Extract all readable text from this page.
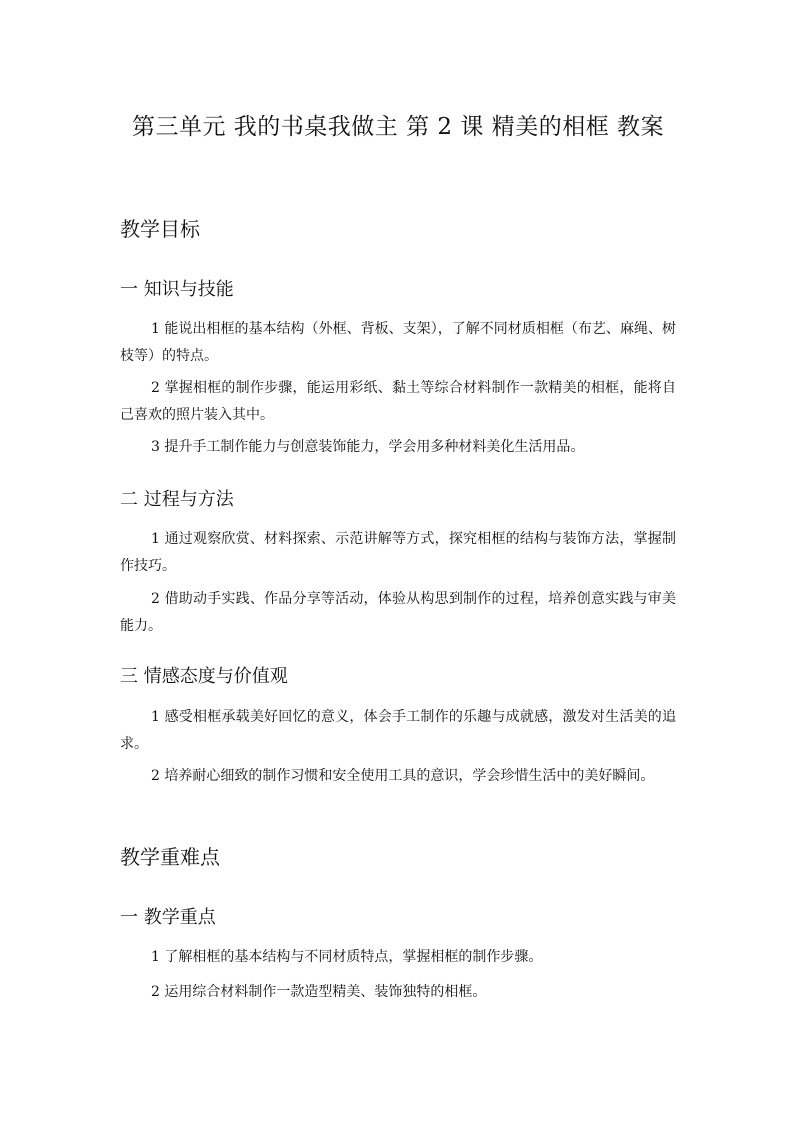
第三单元 我的书桌我做主 第 2 课 精美的相框 教案
教学目标
一 知识与技能
1 能说出相框的基本结构（外框、背板、支架），了解不同材质相框（布艺、麻绳、树枝等）的特点。
2 掌握相框的制作步骤，能运用彩纸、黏土等综合材料制作一款精美的相框，能将自己喜欢的照片装入其中。
3 提升手工制作能力与创意装饰能力，学会用多种材料美化生活用品。
二 过程与方法
1 通过观察欣赏、材料探索、示范讲解等方式，探究相框的结构与装饰方法，掌握制作技巧。
2 借助动手实践、作品分享等活动，体验从构思到制作的过程，培养创意实践与审美能力。
三 情感态度与价值观
1 感受相框承载美好回忆的意义，体会手工制作的乐趣与成就感，激发对生活美的追求。
2 培养耐心细致的制作习惯和安全使用工具的意识，学会珍惜生活中的美好瞬间。
教学重难点
一 教学重点
1 了解相框的基本结构与不同材质特点，掌握相框的制作步骤。
2 运用综合材料制作一款造型精美、装饰独特的相框。
